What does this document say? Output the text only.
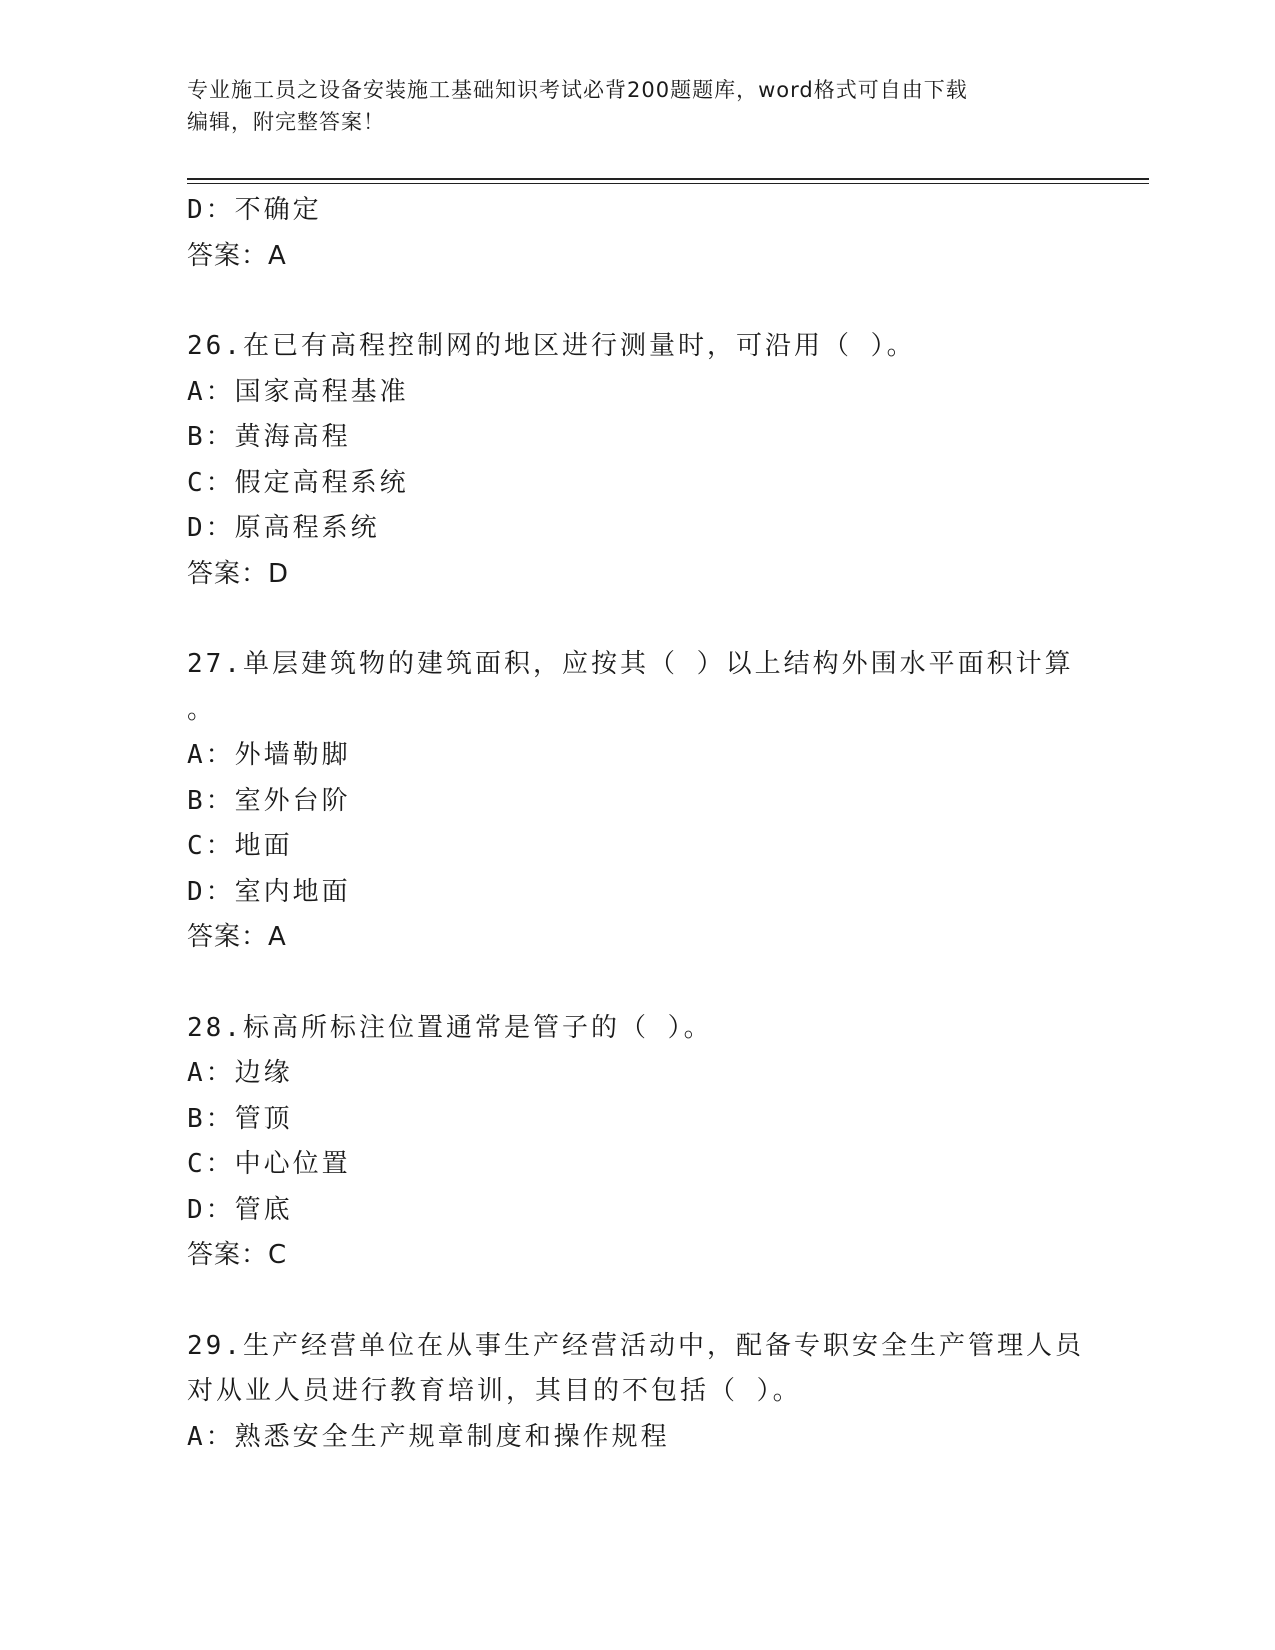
专业施工员之设备安装施工基础知识考试必背200题题库，word格式可自由下载
编辑，附完整答案！
D：不确定
答案：A
26.在已有高程控制网的地区进行测量时，可沿用（ ）。
A：国家高程基准
B：黄海高程
C：假定高程系统
D：原高程系统
答案：D
27.单层建筑物的建筑面积，应按其（ ）以上结构外围水平面积计算
。
A：外墙勒脚
B：室外台阶
C：地面
D：室内地面
答案：A
28.标高所标注位置通常是管子的（ ）。
A：边缘
B：管顶
C：中心位置
D：管底
答案：C
29.生产经营单位在从事生产经营活动中，配备专职安全生产管理人员
对从业人员进行教育培训，其目的不包括（ ）。
A：熟悉安全生产规章制度和操作规程
